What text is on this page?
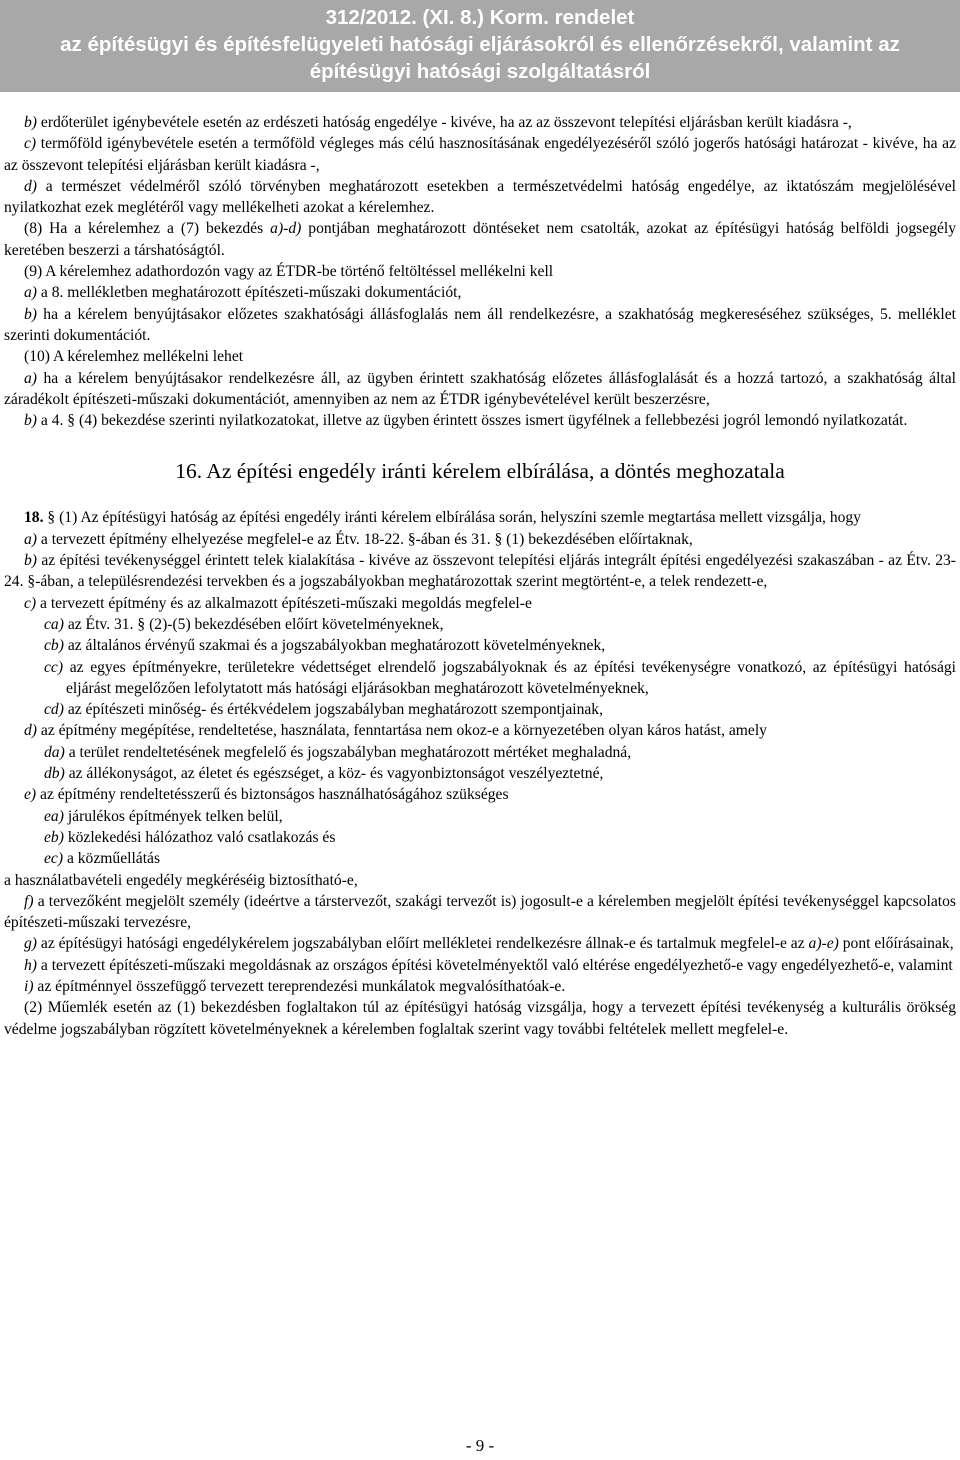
312/2012. (XI. 8.) Korm. rendelet
az építésügyi és építésfelügyeleti hatósági eljárásokról és ellenőrzésekről, valamint az
építésügyi hatósági szolgáltatásról

b) erdőterület igénybevétele esetén az erdészeti hatóság engedélye - kivéve, ha az az összevont telepítési eljárásban került kiadásra -,

c) termőföld igénybevétele esetén a termőföld végleges más célú hasznosításának engedélyezéséről szóló jogerős hatósági határozat - kivéve, ha az az összevont telepítési eljárásban került kiadásra -,

d) a természet védelméről szóló törvényben meghatározott esetekben a természetvédelmi hatóság engedélye, az iktatószám megjelölésével nyilatkozhat ezek meglétéről vagy mellékelheti azokat a kérelemhez.

(8) Ha a kérelemhez a (7) bekezdés a)-d) pontjában meghatározott döntéseket nem csatolták, azokat az építésügyi hatóság belföldi jogsegély keretében beszerzi a társhatóságtól.

(9) A kérelemhez adathordozón vagy az ÉTDR-be történő feltöltéssel mellékelni kell

a) a 8. mellékletben meghatározott építészeti-műszaki dokumentációt,

b) ha a kérelem benyújtásakor előzetes szakhatósági állásfoglalás nem áll rendelkezésre, a szakhatóság megkereséséhez szükséges, 5. melléklet szerinti dokumentációt.

(10) A kérelemhez mellékelni lehet

a) ha a kérelem benyújtásakor rendelkezésre áll, az ügyben érintett szakhatóság előzetes állásfoglalását és a hozzá tartozó, a szakhatóság által záradékolt építészeti-műszaki dokumentációt, amennyiben az nem az ÉTDR igénybevételével került beszerzésre,

b) a 4. § (4) bekezdése szerinti nyilatkozatokat, illetve az ügyben érintett összes ismert ügyfélnek a fellebbezési jogról lemondó nyilatkozatát.

16. Az építési engedély iránti kérelem elbírálása, a döntés meghozatala

18. § (1) Az építésügyi hatóság az építési engedély iránti kérelem elbírálása során, helyszíni szemle megtartása mellett vizsgálja, hogy

a) a tervezett építmény elhelyezése megfelel-e az Étv. 18-22. §-ában és 31. § (1) bekezdésében előírtaknak,

b) az építési tevékenységgel érintett telek kialakítása - kivéve az összevont telepítési eljárás integrált építési engedélyezési szakaszában - az Étv. 23-24. §-ában, a településrendezési tervekben és a jogszabályokban meghatározottak szerint megtörtént-e, a telek rendezett-e,

c) a tervezett építmény és az alkalmazott építészeti-műszaki megoldás megfelel-e

ca) az Étv. 31. § (2)-(5) bekezdésében előírt követelményeknek,

cb) az általános érvényű szakmai és a jogszabályokban meghatározott követelményeknek,

cc) az egyes építményekre, területekre védettséget elrendelő jogszabályoknak és az építési tevékenységre vonatkozó, az építésügyi hatósági eljárást megelőzően lefolytatott más hatósági eljárásokban meghatározott követelményeknek,

cd) az építészeti minőség- és értékvédelem jogszabályban meghatározott szempontjainak,

d) az építmény megépítése, rendeltetése, használata, fenntartása nem okoz-e a környezetében olyan káros hatást, amely

da) a terület rendeltetésének megfelelő és jogszabályban meghatározott mértéket meghaladná,

db) az állékonyságot, az életet és egészséget, a köz- és vagyonbiztonságot veszélyeztetné,

e) az építmény rendeltetésszerű és biztonságos használhatóságához szükséges

ea) járulékos építmények telken belül,

eb) közlekedési hálózathoz való csatlakozás és

ec) a közműellátás

a használatbavételi engedély megkéréséig biztosítható-e,

f) a tervezőként megjelölt személy (ideértve a társtervezőt, szakági tervezőt is) jogosult-e a kérelemben megjelölt építési tevékenységgel kapcsolatos építészeti-műszaki tervezésre,

g) az építésügyi hatósági engedélykérelem jogszabályban előírt mellékletei rendelkezésre állnak-e és tartalmuk megfelel-e az a)-e) pont előírásainak,

h) a tervezett építészeti-műszaki megoldásnak az országos építési követelményektől való eltérése engedélyezhető-e vagy engedélyezhető-e, valamint

i) az építménnyel összefüggő tervezett tereprendezési munkálatok megvalósíthatóak-e.

(2) Műemlék esetén az (1) bekezdésben foglaltakon túl az építésügyi hatóság vizsgálja, hogy a tervezett építési tevékenység a kulturális örökség védelme jogszabályban rögzített követelményeknek a kérelemben foglaltak szerint vagy további feltételek mellett megfelel-e.

- 9 -
